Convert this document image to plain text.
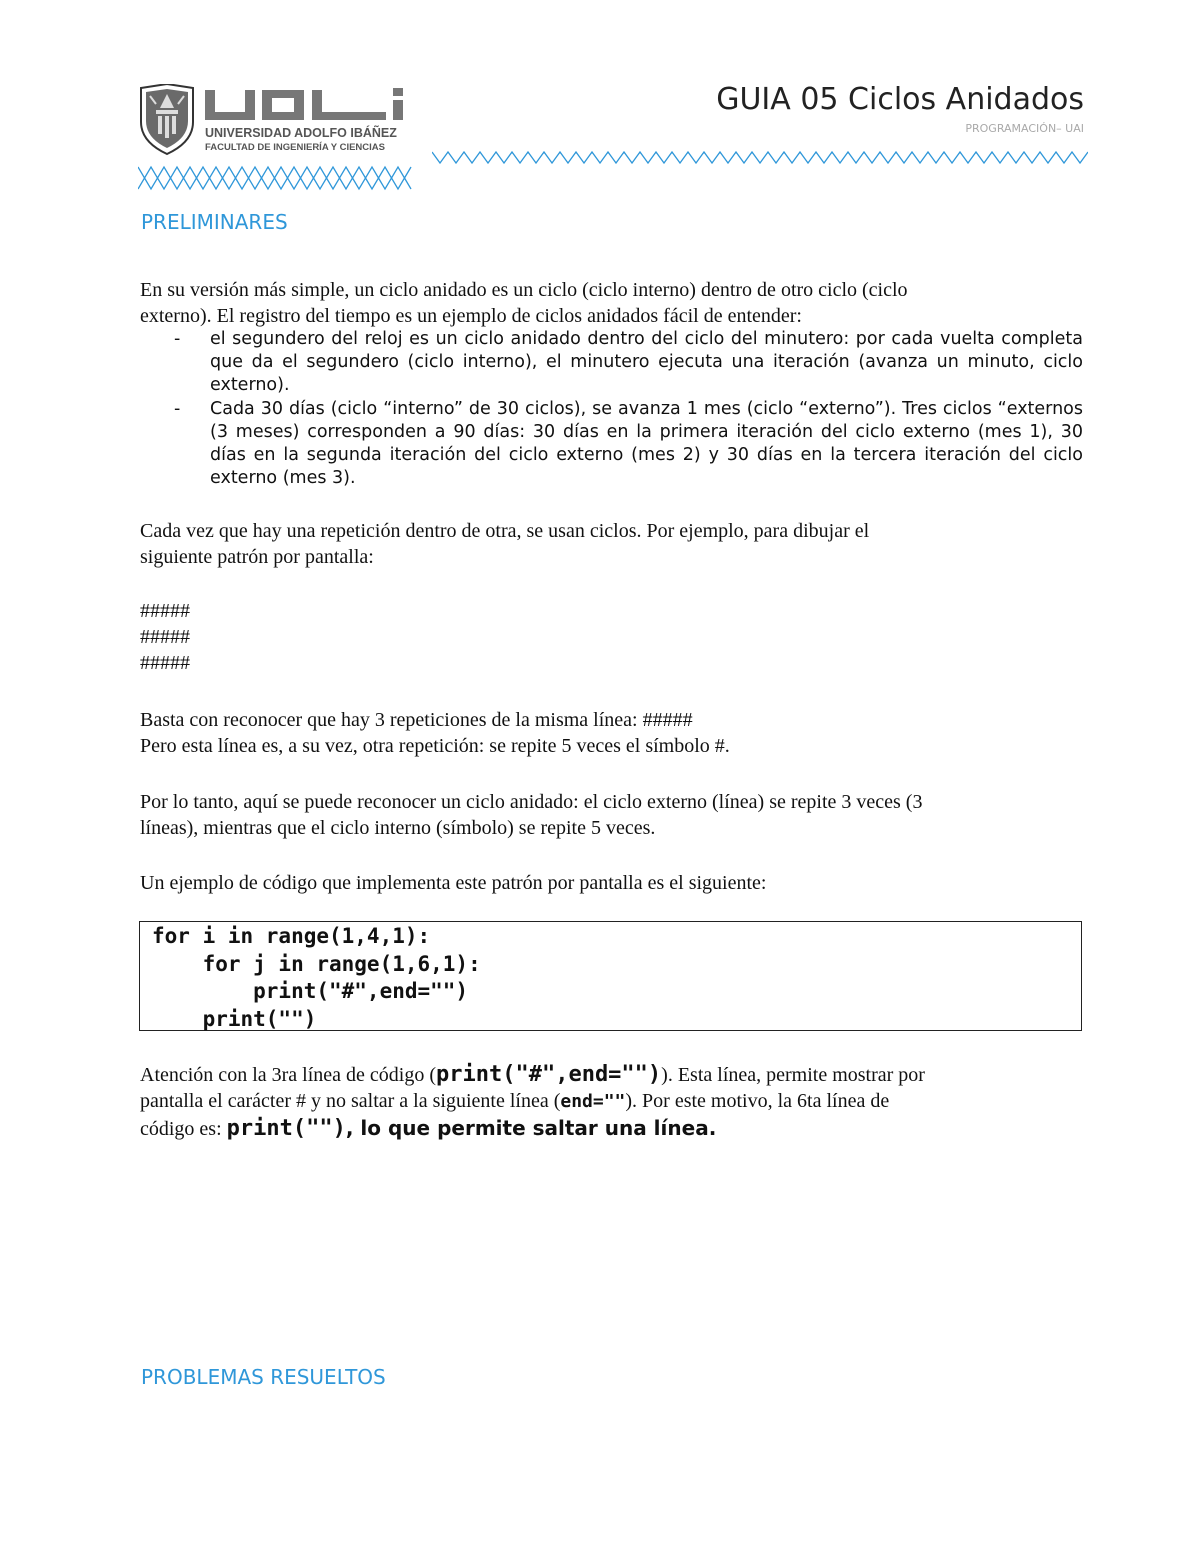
UNIVERSIDAD ADOLFO IBÁÑEZ
FACULTAD DE INGENIERÍA Y CIENCIAS
GUIA 05 Ciclos Anidados
PROGRAMACIÓN– UAI
PRELIMINARES
En su versión más simple, un ciclo anidado es un ciclo (ciclo interno) dentro de otro ciclo (ciclo
externo). El registro del tiempo es un ejemplo de ciclos anidados fácil de entender:
- el segundero del reloj es un ciclo anidado dentro del ciclo del minutero: por cada vuelta completa que da el segundero (ciclo interno), el minutero ejecuta una iteración (avanza un minuto, ciclo externo).
- Cada 30 días (ciclo “interno” de 30 ciclos), se avanza 1 mes (ciclo “externo”). Tres ciclos “externos (3 meses) corresponden a 90 días: 30 días en la primera iteración del ciclo externo (mes 1), 30 días en la segunda iteración del ciclo externo (mes 2) y 30 días en la tercera iteración del ciclo externo (mes 3).
Cada vez que hay una repetición dentro de otra, se usan ciclos. Por ejemplo, para dibujar el
siguiente patrón por pantalla:
#####
#####
#####
Basta con reconocer que hay 3 repeticiones de la misma línea: #####
Pero esta línea es, a su vez, otra repetición: se repite 5 veces el símbolo #.
Por lo tanto, aquí se puede reconocer un ciclo anidado: el ciclo externo (línea) se repite 3 veces (3
líneas), mientras que el ciclo interno (símbolo) se repite 5 veces.
Un ejemplo de código que implementa este patrón por pantalla es el siguiente:
for i in range(1,4,1):
for j in range(1,6,1):
print("#",end="")
print("")
Atención con la 3ra línea de código (print("#",end="")). Esta línea, permite mostrar por
pantalla el carácter # y no saltar a la siguiente línea (end=""). Por este motivo, la 6ta línea de
código es: print(""), lo que permite saltar una línea.
PROBLEMAS RESUELTOS
